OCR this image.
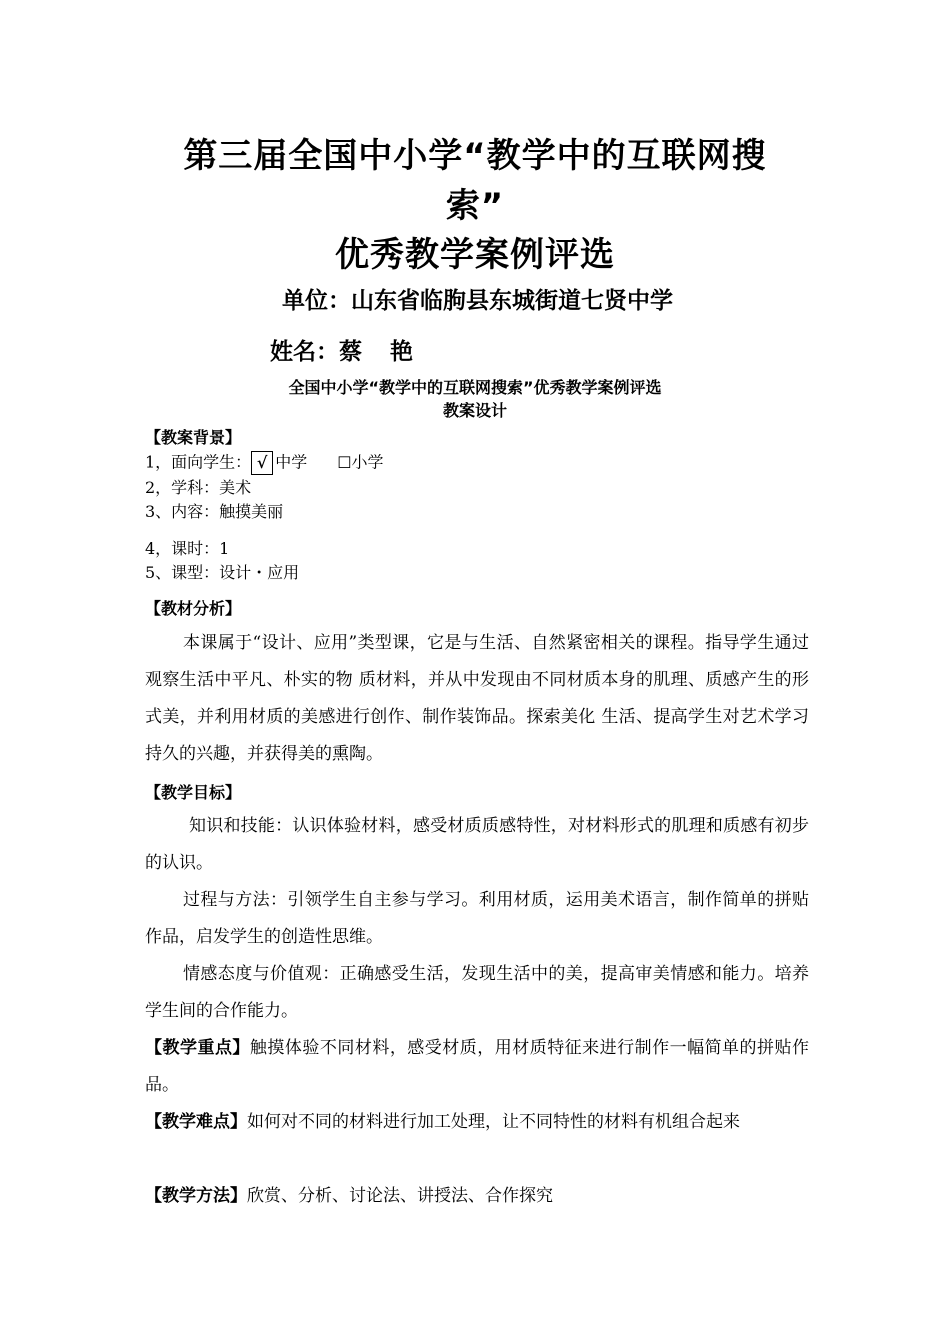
第三届全国中小学“教学中的互联网搜
索”
优秀教学案例评选
单位：山东省临朐县东城街道七贤中学
姓名：蔡艳
全国中小学“教学中的互联网搜索”优秀教学案例评选
教案设计
【教案背景】
1，面向学生： √ 中学 ☐小学
2，学科：美术
3、内容：触摸美丽
4，课时：1
5、课型：设计・应用
【教材分析】
本课属于“设计、应用”类型课，它是与生活、自然紧密相关的课程。指导学生通过观察生活中平凡、朴实的物 质材料，并从中发现由不同材质本身的肌理、质感产生的形式美，并利用材质的美感进行创作、制作装饰品。探索美化 生活、提高学生对艺术学习持久的兴趣，并获得美的熏陶。
【教学目标】
知识和技能：认识体验材料，感受材质质感特性，对材料形式的肌理和质感有初步的认识。
过程与方法：引领学生自主参与学习。利用材质，运用美术语言，制作简单的拼贴作品，启发学生的创造性思维。
情感态度与价值观：正确感受生活，发现生活中的美，提高审美情感和能力。培养学生间的合作能力。
【教学重点】触摸体验不同材料，感受材质，用材质特征来进行制作一幅简单的拼贴作品。
【教学难点】如何对不同的材料进行加工处理，让不同特性的材料有机组合起来
【教学方法】欣赏、分析、讨论法、讲授法、合作探究
